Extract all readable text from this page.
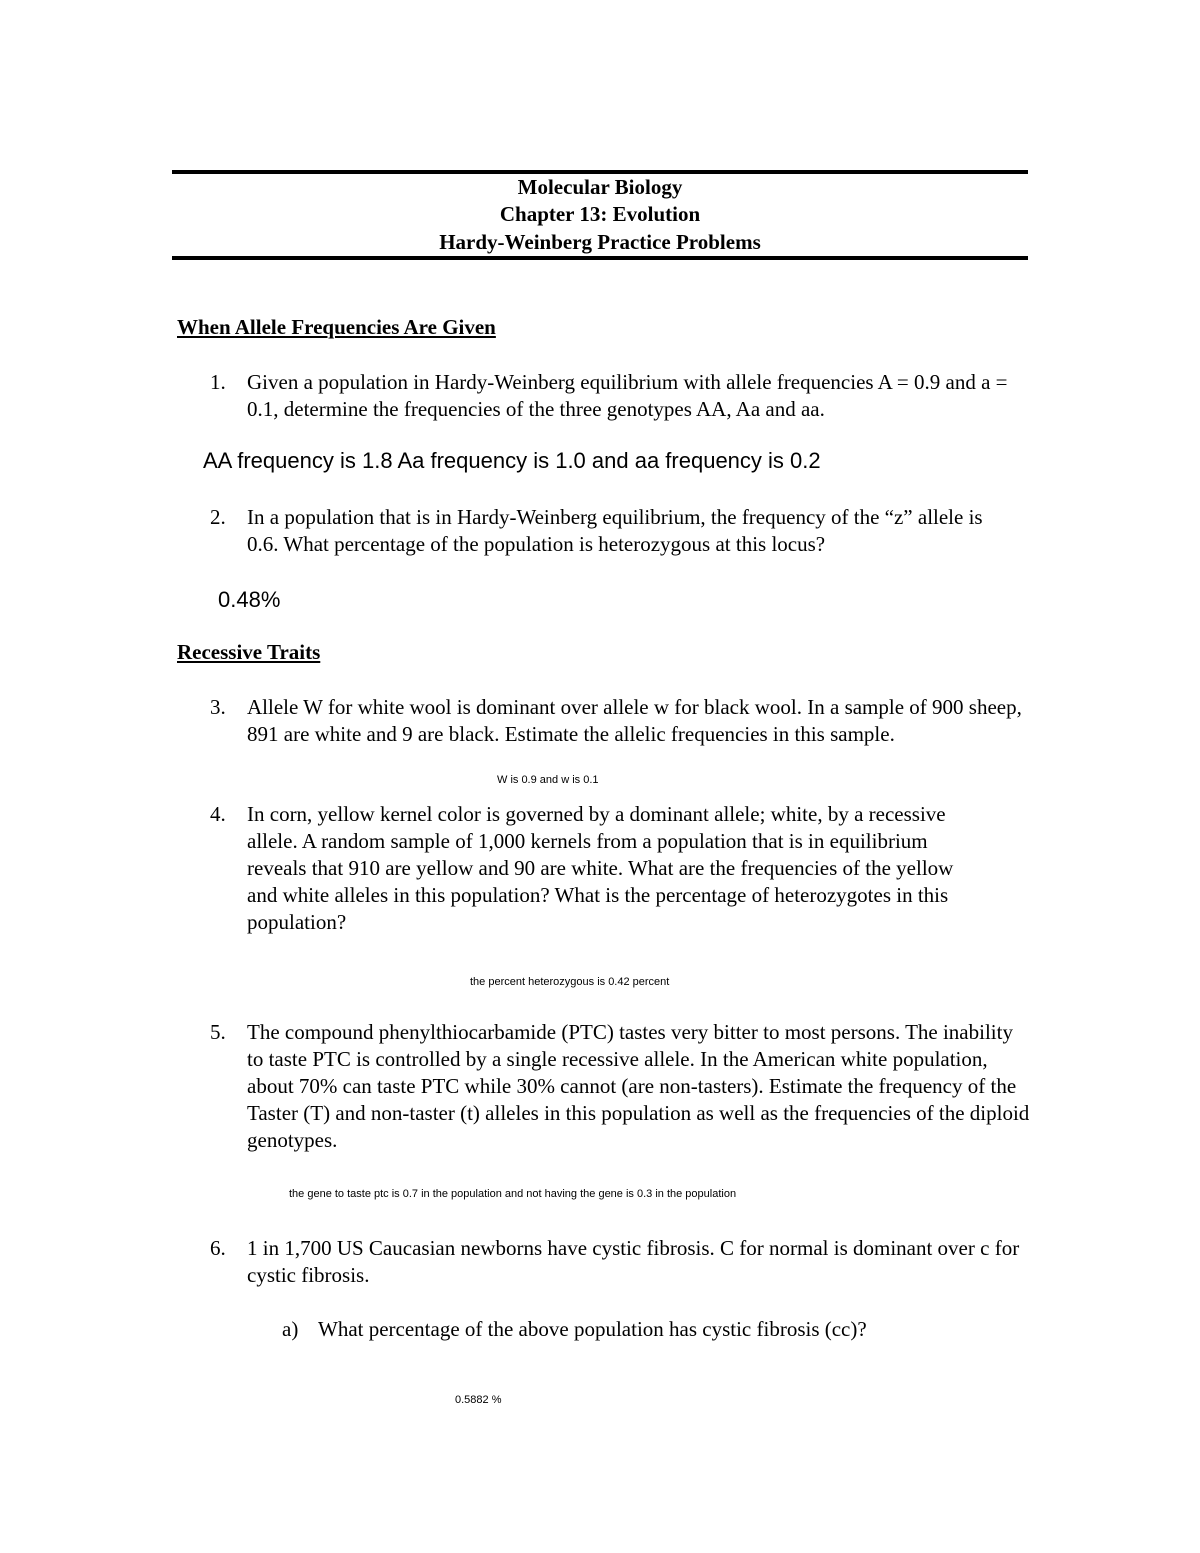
Molecular Biology
Chapter 13: Evolution
Hardy-Weinberg Practice Problems
When Allele Frequencies Are Given
1. Given a population in Hardy-Weinberg equilibrium with allele frequencies A = 0.9 and a = 0.1, determine the frequencies of the three genotypes AA, Aa and aa.
AA frequency is 1.8 Aa frequency is 1.0 and aa frequency is 0.2
2. In a population that is in Hardy-Weinberg equilibrium, the frequency of the “z” allele is 0.6. What percentage of the population is heterozygous at this locus?
0.48%
Recessive Traits
3. Allele W for white wool is dominant over allele w for black wool. In a sample of 900 sheep, 891 are white and 9 are black. Estimate the allelic frequencies in this sample.
W is 0.9 and w is 0.1
4. In corn, yellow kernel color is governed by a dominant allele; white, by a recessive allele. A random sample of 1,000 kernels from a population that is in equilibrium reveals that 910 are yellow and 90 are white. What are the frequencies of the yellow and white alleles in this population? What is the percentage of heterozygotes in this population?
the percent heterozygous is 0.42 percent
5. The compound phenylthiocarbamide (PTC) tastes very bitter to most persons. The inability to taste PTC is controlled by a single recessive allele. In the American white population, about 70% can taste PTC while 30% cannot (are non-tasters). Estimate the frequency of the Taster (T) and non-taster (t) alleles in this population as well as the frequencies of the diploid genotypes.
the gene to taste ptc is 0.7 in the population and not having the gene is 0.3 in the population
6. 1 in 1,700 US Caucasian newborns have cystic fibrosis. C for normal is dominant over c for cystic fibrosis.
a) What percentage of the above population has cystic fibrosis (cc)?
0.5882 %
